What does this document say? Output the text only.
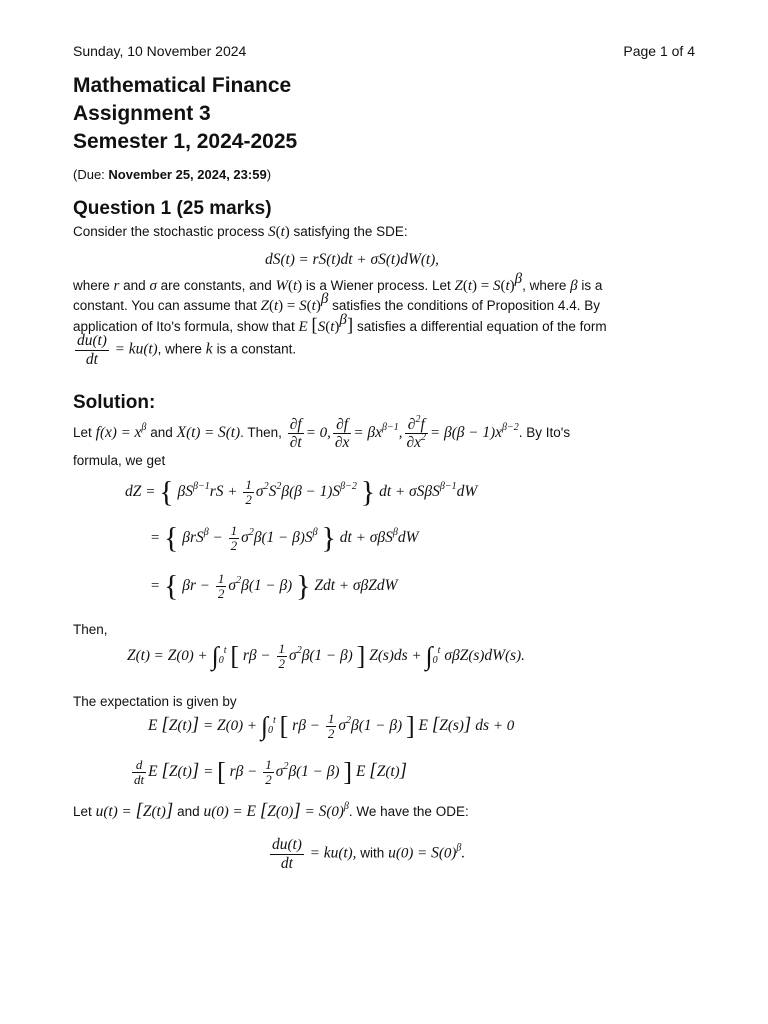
Sunday, 10 November 2024	Page 1 of 4
Mathematical Finance
Assignment 3
Semester 1, 2024-2025
(Due: November 25, 2024, 23:59)
Question 1 (25 marks)
Consider the stochastic process S(t) satisfying the SDE:
dS(t) = rS(t)dt + σS(t)dW(t),
where r and σ are constants, and W(t) is a Wiener process. Let $Z(t) = S(t)^\beta$, where β is a
constant. You can assume that $Z(t) = S(t)^\beta$ satisfies the conditions of Proposition 4.4. By
application of Ito's formula, show that E $[S(t)^\beta]$ satisfies a differential equation of the form
$\frac{du(t)}{dt} = ku(t)$, where k is a constant.
Solution:
Let $f(x) = x^\beta$ and X(t) = S(t). Then, $\frac{\partial f}{\partial t} = 0$, $\frac{\partial f}{\partial x} = \beta x^{\beta-1}$, $\frac{\partial^2f}{\partial x^2} = \beta(\beta - 1)x^{\beta-2}$. By Ito's
formula, we get
dZ = { $\beta S^{\beta-1}rS + \frac{1}{2} \sigma^2S^2\beta(\beta - 1)S^{\beta-2}$ } dt + σSβS$^{\beta-1}$dW
= { $\beta rS^\beta - \frac{1}{2} \sigma^2\beta(1 - \beta)S^\beta$ } dt + σβS$^\beta$dW
= { $\beta r - \frac{1}{2} \sigma^2\beta(1 - \beta)$ } Zdt + σβZdW
Then,
$Z(t) = Z(0) + \int_0^t$ [ $r\beta - \frac{1}{2} \sigma^2\beta(1 - \beta)$ ] $Z(s)ds + \int_0^t$ σβZ(s)dW(s).
The expectation is given by
E $[Z(t)] = Z(0) + \int_0^t$ [ $r\beta - \frac{1}{2} \sigma^2\beta(1 - \beta)$ ] E [Z(s)] ds + 0
$\frac{d}{dt}$ E [Z(t)] = [ $r\beta - \frac{1}{2} \sigma^2\beta(1 - \beta)$ ] E [Z(t)]
Let u(t) = [Z(t)] and u(0) = E $[Z(0)] = S(0)^\beta$. We have the ODE:
$\frac{du(t)}{dt} = ku(t)$, with $u(0) = S(0)^\beta$.
